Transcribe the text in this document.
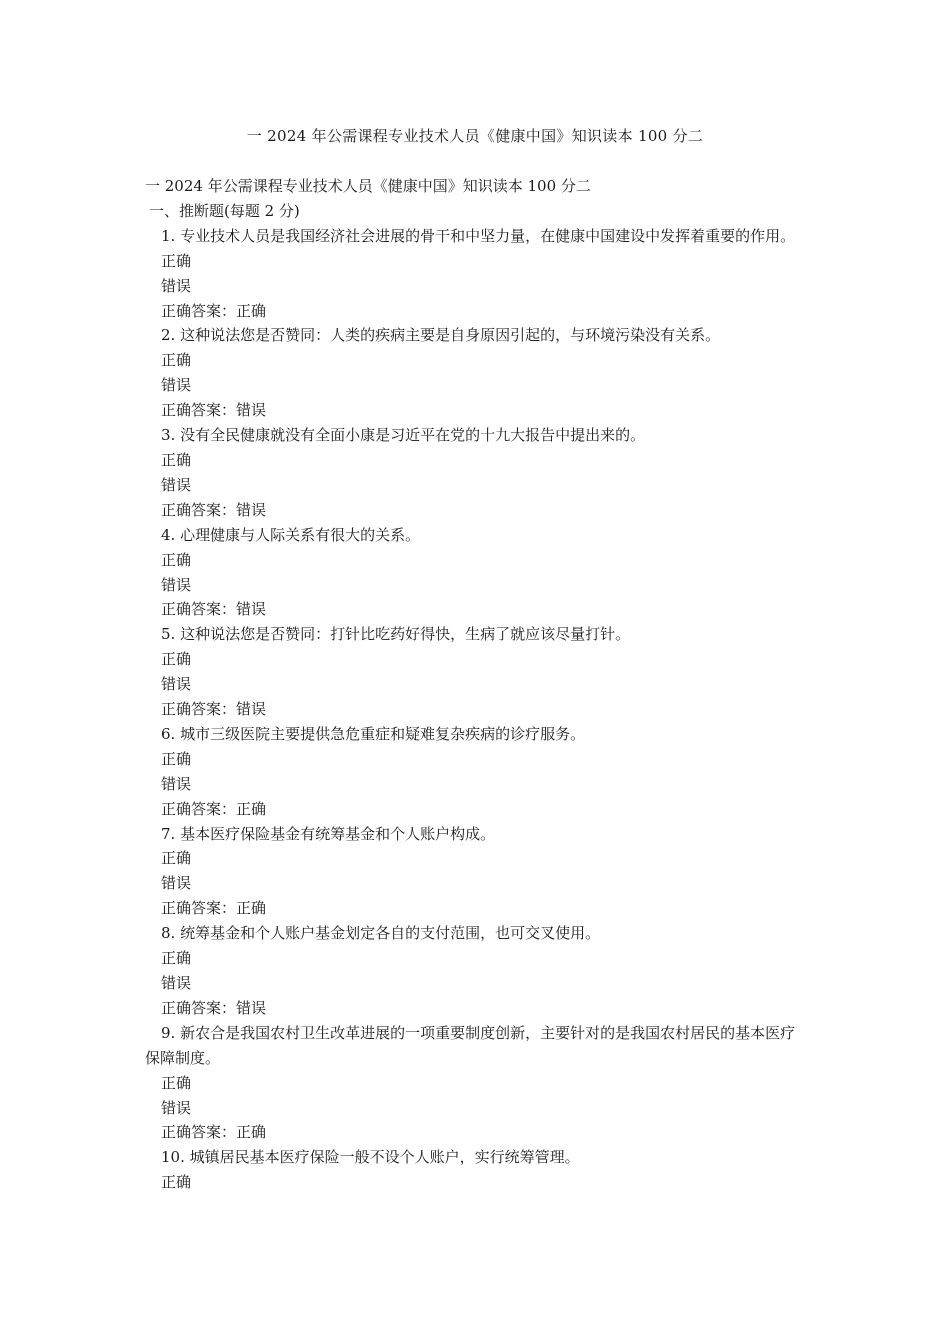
一 2024 年公需课程专业技术人员《健康中国》知识读本 100 分二

一 2024 年公需课程专业技术人员《健康中国》知识读本 100 分二

一、推断题(每题 2 分)

1. 专业技术人员是我国经济社会进展的骨干和中坚力量，在健康中国建设中发挥着重要的作用。

正确

错误

正确答案：正确

2. 这种说法您是否赞同：人类的疾病主要是自身原因引起的，与环境污染没有关系。

正确

错误

正确答案：错误

3. 没有全民健康就没有全面小康是习近平在党的十九大报告中提出来的。

正确

错误

正确答案：错误

4. 心理健康与人际关系有很大的关系。

正确

错误

正确答案：错误

5. 这种说法您是否赞同：打针比吃药好得快，生病了就应该尽量打针。

正确

错误

正确答案：错误

6. 城市三级医院主要提供急危重症和疑难复杂疾病的诊疗服务。

正确

错误

正确答案：正确

7. 基本医疗保险基金有统筹基金和个人账户构成。

正确

错误

正确答案：正确

8. 统筹基金和个人账户基金划定各自的支付范围，也可交叉使用。

正确

错误

正确答案：错误

9. 新农合是我国农村卫生改革进展的一项重要制度创新，主要针对的是我国农村居民的基本医疗保障制度。

正确

错误

正确答案：正确

10. 城镇居民基本医疗保险一般不设个人账户，实行统筹管理。

正确
